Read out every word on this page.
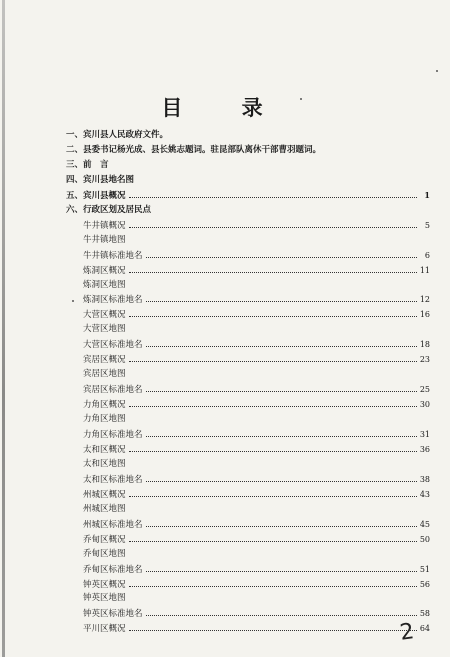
目 录
一、宾川县人民政府文件。
二、县委书记杨光成、县长姚志题词。驻昆部队离休干部曹羽题词。
三、前　言
四、宾川县地名图
五、宾川县概况	1
六、行政区划及居民点
牛井镇概况	5
牛井镇地图
牛井镇标准地名	6
炼洞区概况	11
炼洞区地图
炼洞区标准地名	12
大营区概况	16
大营区地图
大营区标准地名	18
宾居区概况	23
宾居区地图
宾居区标准地名	25
力角区概况	30
力角区地图
力角区标准地名	31
太和区概况	36
太和区地图
太和区标准地名	38
州城区概况	43
州城区地图
州城区标准地名	45
乔甸区概况	50
乔甸区地图
乔甸区标准地名	51
钟英区概况	56
钟英区地图
钟英区标准地名	58
平川区概况	64
2
